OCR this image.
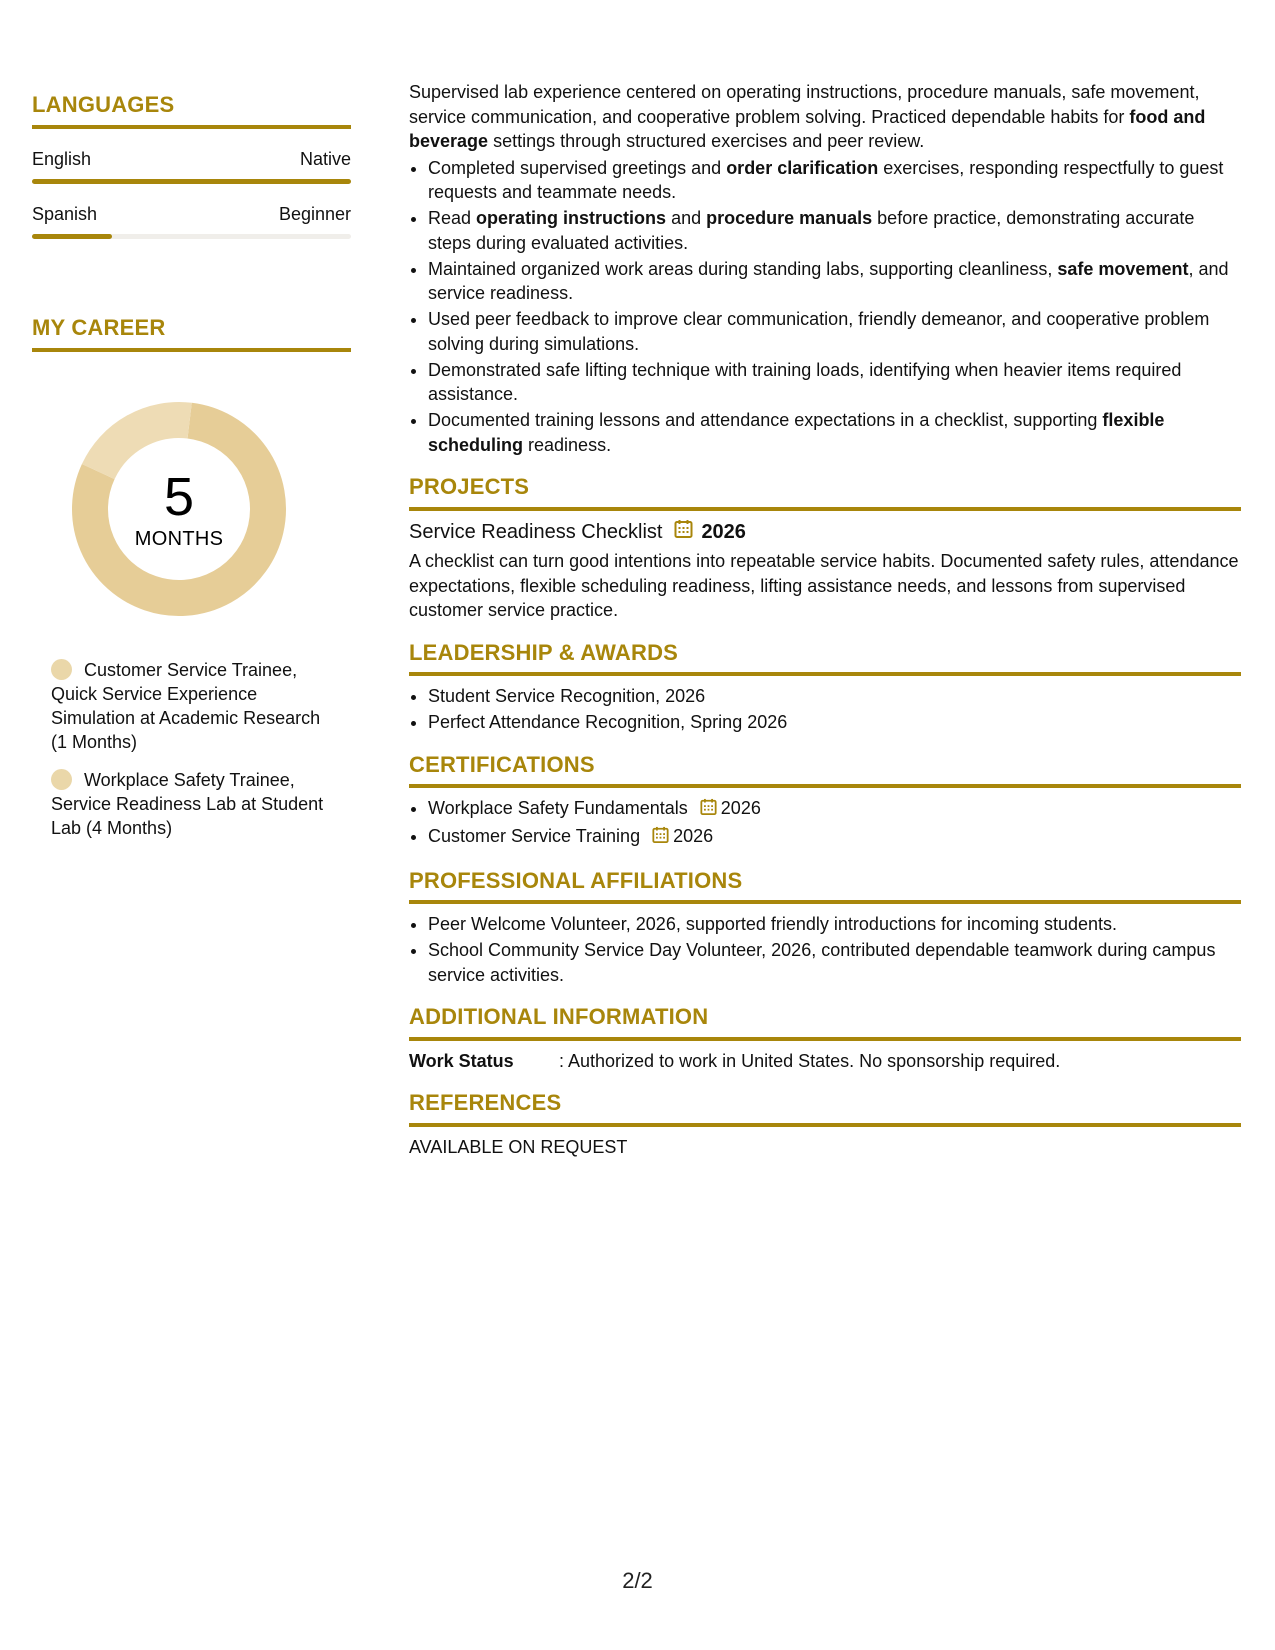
LANGUAGES
English	Native
Spanish	Beginner
MY CAREER
5
MONTHS
Customer Service Trainee, Quick Service Experience Simulation at Academic Research (1 Months)
Workplace Safety Trainee, Service Readiness Lab at Student Lab (4 Months)

Supervised lab experience centered on operating instructions, procedure manuals, safe movement, service communication, and cooperative problem solving. Practiced dependable habits for food and beverage settings through structured exercises and peer review.

• Completed supervised greetings and order clarification exercises, responding respectfully to guest requests and teammate needs.
• Read operating instructions and procedure manuals before practice, demonstrating accurate steps during evaluated activities.
• Maintained organized work areas during standing labs, supporting cleanliness, safe movement, and service readiness.
• Used peer feedback to improve clear communication, friendly demeanor, and cooperative problem solving during simulations.
• Demonstrated safe lifting technique with training loads, identifying when heavier items required assistance.
• Documented training lessons and attendance expectations in a checklist, supporting flexible scheduling readiness.
PROJECTS
Service Readiness Checklist 2026

A checklist can turn good intentions into repeatable service habits. Documented safety rules, attendance expectations, flexible scheduling readiness, lifting assistance needs, and lessons from supervised customer service practice.

LEADERSHIP & AWARDS
• Student Service Recognition, 2026
• Perfect Attendance Recognition, Spring 2026
CERTIFICATIONS
• Workplace Safety Fundamentals 2026
• Customer Service Training 2026
PROFESSIONAL AFFILIATIONS
• Peer Welcome Volunteer, 2026, supported friendly introductions for incoming students.
• School Community Service Day Volunteer, 2026, contributed dependable teamwork during campus service activities.
ADDITIONAL INFORMATION
Work Status	: Authorized to work in United States. No sponsorship required.
REFERENCES

AVAILABLE ON REQUEST

2/2
